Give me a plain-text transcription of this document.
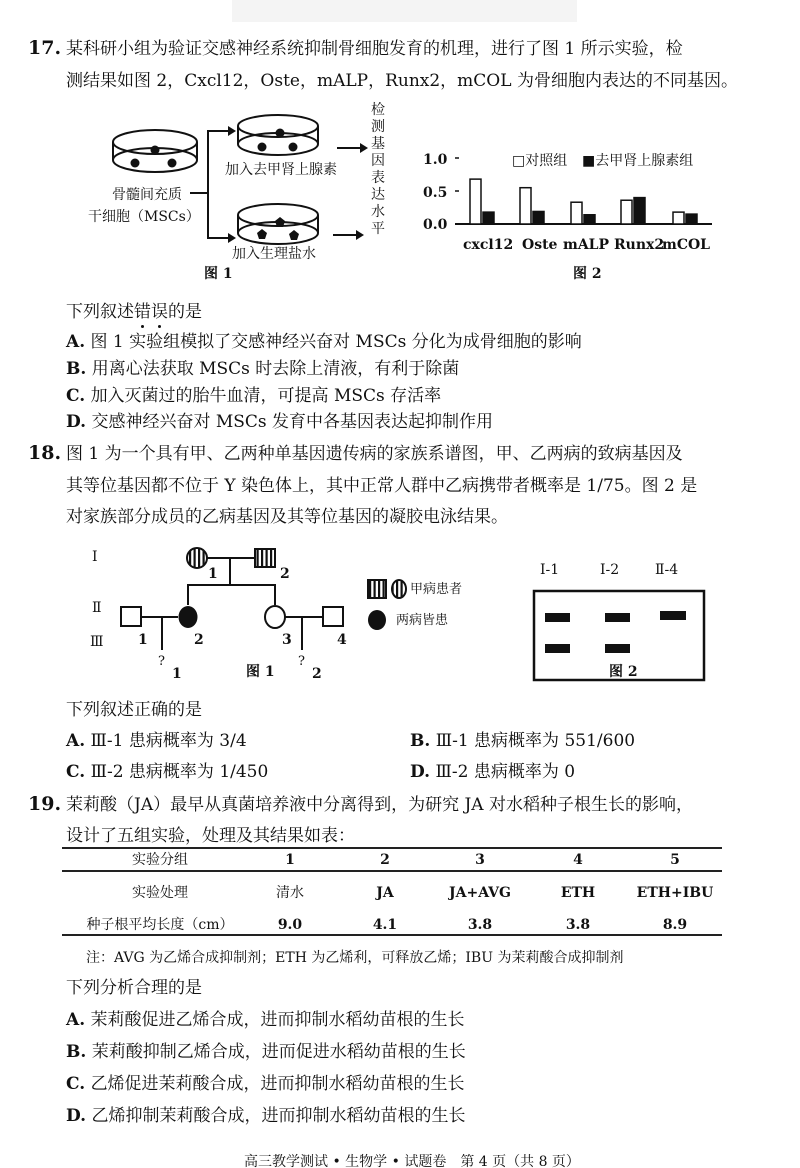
17. 某科研小组为验证交感神经系统抑制骨细胞发育的机理，进行了图 1 所示实验，检
测结果如图 2，Cxcl12，Oste，mALP，Runx2，mCOL 为骨细胞内表达的不同基因。
骨髓间充质
干细胞（MSCs）
加入去甲肾上腺素
加入生理盐水
检测基因表达水平
图 1
1.0
0.5
0.0
□对照组 ■去甲肾上腺素组
cxcl12 Oste mALP Runx2
mCOL
图 2
下列叙述错误的是
A. 图 1 实验组模拟了交感神经兴奋对 MSCs 分化为成骨细胞的影响
B. 用离心法获取 MSCs 时去除上清液，有利于除菌
C. 加入灭菌过的胎牛血清，可提高 MSCs 存活率
D. 交感神经兴奋对 MSCs 发育中各基因表达起抑制作用
18. 图 1 为一个具有甲、乙两种单基因遗传病的家族系谱图，甲、乙两病的致病基因及
其等位基因都不位于 Y 染色体上，其中正常人群中乙病携带者概率是 1/75。图 2 是
对家族部分成员的乙病基因及其等位基因的凝胶电泳结果。
Ⅰ
Ⅱ
Ⅲ
1	2
1	2	3	4
?
1
?
2
甲病患者
两病皆患
图 1
Ⅰ-1	Ⅰ-2	Ⅱ-4
图 2
下列叙述正确的是
A. Ⅲ-1 患病概率为 3/4	B. Ⅲ-1 患病概率为 551/600
C. Ⅲ-2 患病概率为 1/450	D. Ⅲ-2 患病概率为 0
19. 茉莉酸（JA）最早从真菌培养液中分离得到，为研究 JA 对水稻种子根生长的影响，
设计了五组实验，处理及其结果如表：
实验分组	1	2	3	4	5
实验处理	清水	JA	JA+AVG	ETH	ETH+IBU
种子根平均长度（cm）	9.0	4.1	3.8	3.8	8.9
注：AVG 为乙烯合成抑制剂；ETH 为乙烯利，可释放乙烯；IBU 为茉莉酸合成抑制剂
下列分析合理的是
A. 茉莉酸促进乙烯合成，进而抑制水稻幼苗根的生长
B. 茉莉酸抑制乙烯合成，进而促进水稻幼苗根的生长
C. 乙烯促进茉莉酸合成，进而抑制水稻幼苗根的生长
D. 乙烯抑制茉莉酸合成，进而抑制水稻幼苗根的生长
高三教学测试 • 生物学 • 试题卷　第 4 页（共 8 页）
